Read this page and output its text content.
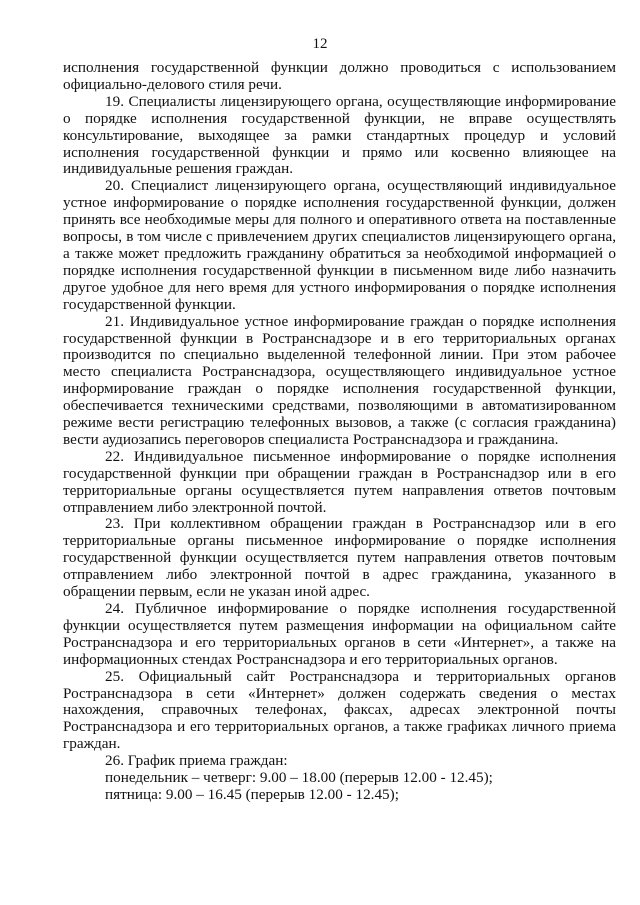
12

исполнения государственной функции должно проводиться с использованием официально-делового стиля речи.

19. Специалисты лицензирующего органа, осуществляющие информирование о порядке исполнения государственной функции, не вправе осуществлять консультирование, выходящее за рамки стандартных процедур и условий исполнения государственной функции и прямо или косвенно влияющее на индивидуальные решения граждан.

20. Специалист лицензирующего органа, осуществляющий индивидуальное устное информирование о порядке исполнения государственной функции, должен принять все необходимые меры для полного и оперативного ответа на поставленные вопросы, в том числе с привлечением других специалистов лицензирующего органа, а также может предложить гражданину обратиться за необходимой информацией о порядке исполнения государственной функции в письменном виде либо назначить другое удобное для него время для устного информирования о порядке исполнения государственной функции.

21. Индивидуальное устное информирование граждан о порядке исполнения государственной функции в Ространснадзоре и в его территориальных органах производится по специально выделенной телефонной линии. При этом рабочее место специалиста Ространснадзора, осуществляющего индивидуальное устное информирование граждан о порядке исполнения государственной функции, обеспечивается техническими средствами, позволяющими в автоматизированном режиме вести регистрацию телефонных вызовов, а также (с согласия гражданина) вести аудиозапись переговоров специалиста Ространснадзора и гражданина.

22. Индивидуальное письменное информирование о порядке исполнения государственной функции при обращении граждан в Ространснадзор или в его территориальные органы осуществляется путем направления ответов почтовым отправлением либо электронной почтой.

23. При коллективном обращении граждан в Ространснадзор или в его территориальные органы письменное информирование о порядке исполнения государственной функции осуществляется путем направления ответов почтовым отправлением либо электронной почтой в адрес гражданина, указанного в обращении первым, если не указан иной адрес.

24. Публичное информирование о порядке исполнения государственной функции осуществляется путем размещения информации на официальном сайте Ространснадзора и его территориальных органов в сети «Интернет», а также на информационных стендах Ространснадзора и его территориальных органов.

25. Официальный сайт Ространснадзора и территориальных органов Ространснадзора в сети «Интернет» должен содержать сведения о местах нахождения, справочных телефонах, факсах, адресах электронной почты Ространснадзора и его территориальных органов, а также графиках личного приема граждан.

26. График приема граждан:
понедельник – четверг: 9.00 – 18.00 (перерыв 12.00 - 12.45);
пятница: 9.00 – 16.45 (перерыв 12.00 - 12.45);
